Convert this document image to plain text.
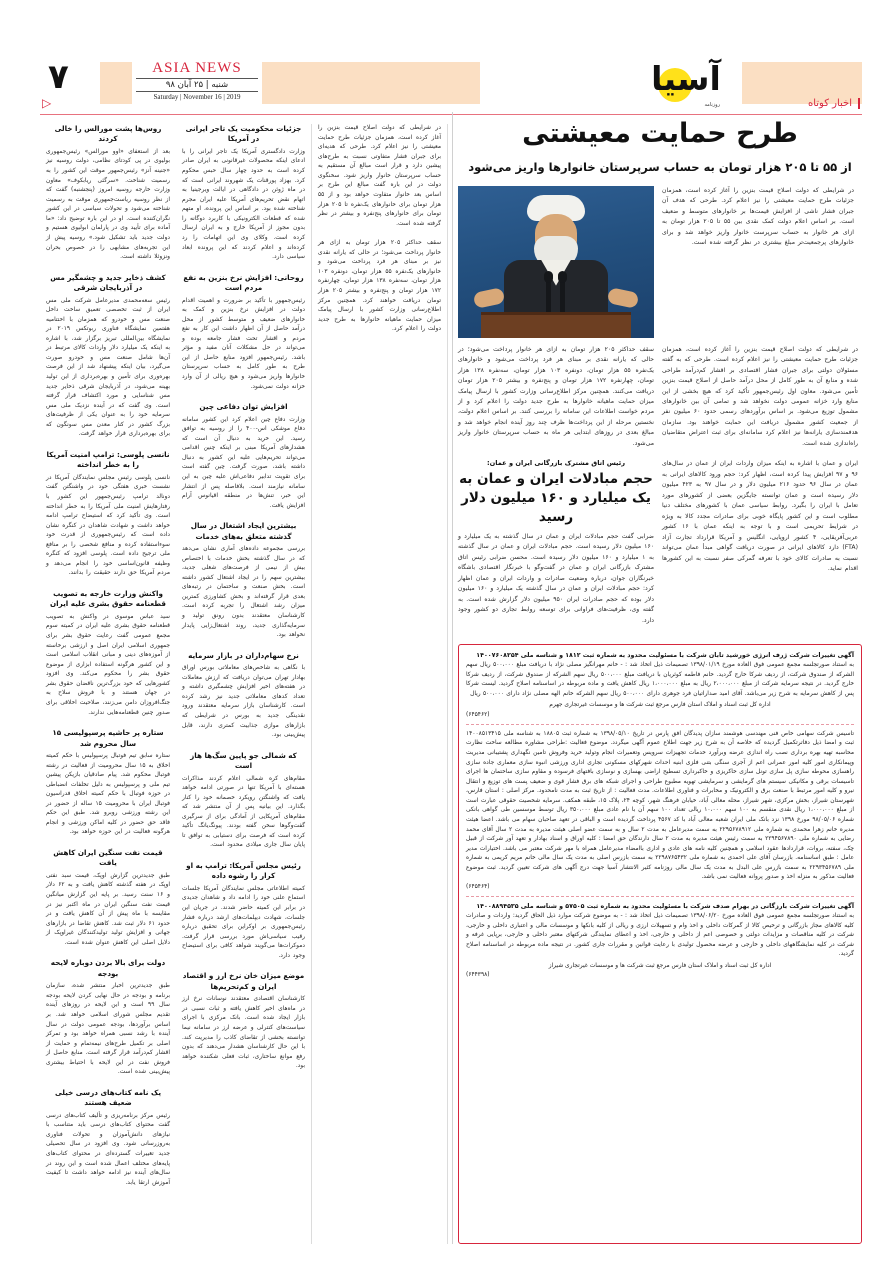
۷	ASIA NEWS
شنبه | ۲۵ آبان ۹۸
Saturday | November 16 | 2019	آسیا
روزنامه	اخبار کوتاه
▷
روس‌ها پشت مورالس را خالی کردند
بعد از استعفای «اوو مورالس» رئیس‌جمهوری بولیوی در پی کودتای نظامی، دولت روسیه نیز «جنینه آنز» رئیس‌جمهور موقت این کشور را به رسمیت شناخت. «سرگئی ریابکوف» معاون وزارت خارجه روسیه امروز (پنجشنبه) گفت که از نظر روسیه ریاست‌جمهوری موقت به رسمیت شناخته می‌شود و تحولات سیاسی در این کشور نگران‌کننده است. او در این باره توضیح داد: «ما آماده برای تأیید وی در پارلمان ابولیوی هستیم و دولت جدید باید تشکیل شود.» روسیه پیش از این تجربه‌های مشابهی را در خصوص بحران ونزوئلا داشته است.
کشف ذخایر جدید و چشمگیر مس در آذربایجان شرقی
رئیس سعه‌محمدی مدیرعامل شرکت ملی مس ایران از ثبت تخصصی تعمیق ساخت داخل صنعت مس و خودرو که همزمان با اختتامیه هفتمین نمایشگاه فناوری ربوتکس ۲۰۱۹ در نمایشگاه بین‌المللی تبریز برگزار شد، با اشاره به اینکه یک میلیارد دلار واردات کالای مرتبط در آن‌ها شامل صنعت مس و خودرو صورت می‌گیرد، بیان اینکه پیشنهاد شد از این فرصت بهره‌وری برای تأمین و بهره‌برداری از این تولید بهینه می‌شود، در آذربایجان شرقی ذخایر جدید مس شناسایی و مورد اکتشاف قرار گرفته است. وی گفت که در آینده نزدیک ملی مس سرمایه خود را به عنوان یکی از ظرفیت‌های بزرگ کشور در کنار معدن مس سونگون که برای بهره‌برداری قرار خواهد گرفت.
نانسی پلوسی: ترامپ امنیت آمریکا را به خطر انداخته
نانسی پلوسی رئیس مجلس نمایندگان آمریکا در نشست خبری هفتگی خود در واشنگتن گفت دونالد ترامپ رئیس‌جمهور این کشور با رفتارهایش امنیت ملی آمریکا را به خطر انداخته است. وی تأکید کرد که استیضاح ترامپ ادامه خواهد داشت و شهادت شاهدان در کنگره نشان داده است که رئیس‌جمهوری از قدرت خود سوءاستفاده کرده و منافع شخصی را بر منافع ملی ترجیح داده است. پلوسی افزود که کنگره وظیفه قانون‌اساسی خود را انجام می‌دهد و مردم آمریکا حق دارند حقیقت را بدانند.
واکنش وزارت خارجه به تصویب قطعنامه حقوق بشری علیه ایران
سید عباس موسوی در واکنش به تصویب قطعنامه حقوق بشری علیه ایران در کمیته سوم مجمع عمومی گفت رعایت حقوق بشر برای جمهوری اسلامی ایران اصل و ارزشی برخاسته از آموزه‌های دینی و مبانی انقلاب اسلامی است و این کشور هرگونه استفاده ابزاری از موضوع حقوق بشر را محکوم می‌کند. وی افزود کشورهایی که خود بزرگ‌ترین ناقضان حقوق بشر در جهان هستند و با فروش سلاح به جنگ‌افروزان دامن می‌زنند، صلاحیت اخلاقی برای صدور چنین قطعنامه‌هایی ندارند.
ستاره پر حاشیه پرسپولیسی ۱۵ سال محروم شد
ستاره سابق تیم فوتبال پرسپولیس با حکم کمیته اخلاق به ۱۵ سال محرومیت از فعالیت در رشته فوتبال محکوم شد. پیام صادقیان بازیکن پیشین تیم ملی و پرسپولیس به دلیل تخلفات انضباطی در حوزه فوتبال با حکم کمیته اخلاق فدراسیون فوتبال ایران با محرومیت ۱۵ ساله از حضور در این رشته ورزشی روبرو شد. طبق این حکم فاقد حق حضور در کلیه اماکن ورزشی و انجام هرگونه فعالیت در این حوزه خواهد بود.
قیمت نفت سنگین ایران کاهش یافت
طبق جدیدترین گزارش اوپک، قیمت سبد نفتی اوپک در هفته گذشته کاهش یافت و به ۶۲ دلار و ۱۶ سنت رسید. بر پایه این گزارش میانگین قیمت نفت سنگین ایران در ماه اکتبر نیز در مقایسه با ماه پیش از آن کاهش یافت و در حدود ۶۱ دلار ثبت شد. کاهش تقاضا در بازارهای جهانی و افزایش تولید تولیدکنندگان غیراوپک از دلایل اصلی این کاهش عنوان شده است.
دولت برای بالا بردن دوباره لایحه بودجه
طبق جدیدترین اخبار منتشر شده، سازمان برنامه و بودجه در حال نهایی کردن لایحه بودجه سال ۹۹ است و این لایحه در روزهای آینده تقدیم مجلس شورای اسلامی خواهد شد. بر اساس برآوردها، بودجه عمومی دولت در سال آینده با رشد نسبی همراه خواهد بود و تمرکز اصلی بر تکمیل طرح‌های نیمه‌تمام و حمایت از اقشار کم‌درآمد قرار گرفته است. منابع حاصل از فروش نفت در این لایحه با احتیاط بیشتری پیش‌بینی شده است.
یک نامه کتاب‌های درسی خیلی ضعیف هستند
رئیس مرکز برنامه‌ریزی و تألیف کتاب‌های درسی گفت محتوای کتاب‌های درسی باید متناسب با نیازهای دانش‌آموزان و تحولات فناوری به‌روزرسانی شود. وی افزود در سال تحصیلی جدید تغییرات گسترده‌ای در محتوای کتاب‌های پایه‌های مختلف اعمال شده است و این روند در سال‌های آینده نیز ادامه خواهد داشت تا کیفیت آموزش ارتقا یابد.
جزئیات محکومیت یک تاجر ایرانی در آمریکا
وزارت دادگستری آمریکا یک تاجر ایرانی را با ادعای اینکه محصولات غیرقانونی به ایران صادر کرده است به حدود چهار سال حبس محکوم کرد. بهزاد پورقنات یک شهروند ایرانی است که در ماه ژوئن در دادگاهی در ایالت ویرجینیا به اتهام نقض تحریم‌های آمریکا علیه ایران مجرم شناخته شده بود. بر اساس این پرونده، او متهم شده که قطعات الکترونیکی با کاربرد دوگانه را بدون مجوز از آمریکا خارج و به ایران ارسال کرده است. وکلای وی این اتهامات را رد کرده‌اند و اعلام کردند که این پرونده ابعاد سیاسی دارد.
روحانی: افزایش نرخ بنزین به نفع مردم است
رئیس‌جمهور با تأکید بر ضرورت و اهمیت اقدام دولت در افزایش نرخ بنزین و کمک به خانوارهای ضعیف و متوسط کشور از محل درآمد حاصل از آن اظهار داشت این کار به نفع مردم و اقشار تحت فشار جامعه بوده و می‌تواند در حل مشکلات آنان مفید و مؤثر باشد. رئیس‌جمهور افزود منابع حاصل از این طرح به طور کامل به حساب سرپرستان خانوارها واریز می‌شود و هیچ ریالی از آن وارد خزانه دولت نمی‌شود.
افزایش توان دفاعی چین
وزارت دفاع چین اعلام کرد این کشور سامانه دفاع موشکی اس-۴۰۰ را از روسیه به توافق رسید. این خرید به دنبال آن است که هشدارهای آمریکا مبنی بر اینکه چنین اقدامی می‌تواند تحریم‌هایی علیه این کشور به دنبال داشته باشد، صورت گرفت. چین گفته است برای تقویت تدابیر دفاعی‌اش علیه چین به این سامانه نیازمند است. بلافاصله پس از انتشار این خبر، تنش‌ها در منطقه اقیانوس آرام افزایش یافت.
بیشترین ایجاد اشتغال در سال گذشته متعلق به‌های خدمات
بررسی مجموعه داده‌های آماری نشان می‌دهد که در سال گذشته بخش خدمات با اختصاص بیش از نیمی از فرصت‌های شغلی جدید، بیشترین سهم را در ایجاد اشتغال کشور داشته است. بخش صنعت و ساختمان در رتبه‌های بعدی قرار گرفته‌اند و بخش کشاورزی کمترین میزان رشد اشتغال را تجربه کرده است. کارشناسان معتقدند بدون رونق تولید و سرمایه‌گذاری جدید، روند اشتغال‌زایی پایدار نخواهد بود.
نرخ سهام‌داران در بازار سرمایه
با نگاهی به شاخص‌های معاملاتی بورس اوراق بهادار تهران می‌توان دریافت که ارزش معاملات در هفته‌های اخیر افزایش چشمگیری داشته و تعداد کدهای معاملاتی جدید نیز رشد کرده است. کارشناسان بازار سرمایه معتقدند ورود نقدینگی جدید به بورس در شرایطی که بازارهای موازی جذابیت کمتری دارند، قابل پیش‌بینی بود.
که شمالی جو پایین سگ‌ها هاز است
مقام‌های کره شمالی اعلام کردند مذاکرات هسته‌ای با آمریکا تنها در صورتی ادامه خواهد یافت که واشنگتن رویکرد خصمانه خود را کنار بگذارد. این بیانیه پس از آن منتشر شد که مقام‌های آمریکایی از آمادگی برای از سرگیری گفت‌وگوها سخن گفته بودند. پیونگ‌یانگ تأکید کرده است که فرصت برای دستیابی به توافق تا پایان سال جاری میلادی محدود است.
رئیس مجلس آمریکا: ترامپ به او کرار را رشوه داده
کمیته اطلاعاتی مجلس نمایندگان آمریکا جلسات استماع علنی خود را ادامه داد و شاهدان جدیدی در برابر این کمیته حاضر شدند. در جریان این جلسات، شهادت دیپلمات‌های ارشد درباره فشار رئیس‌جمهوری بر اوکراین برای تحقیق درباره رقیب سیاسی‌اش مورد بررسی قرار گرفت. دموکرات‌ها می‌گویند شواهد کافی برای استیضاح وجود دارد.
موضع میزان خان نرخ ارز و اقتصاد ایران و کم‌تحریم‌ها
کارشناسان اقتصادی معتقدند نوسانات نرخ ارز در ماه‌های اخیر کاهش یافته و ثبات نسبی در بازار ایجاد شده است. بانک مرکزی با اجرای سیاست‌های کنترلی و عرضه ارز در سامانه نیما توانسته بخشی از تقاضای کاذب را مدیریت کند. با این حال کارشناسان هشدار می‌دهند که بدون رفع موانع ساختاری، ثبات فعلی شکننده خواهد بود.
در شرایطی که دولت اصلاح قیمت بنزین را آغاز کرده است، همزمان جزئیات طرح حمایت معیشتی را نیز اعلام کرد. طرحی که هدیه‌ای برای جبران فشار متفاوتی نسبت به طرح‌های پیشین دارد و قرار است مبالغ آن مستقیم به حساب سرپرستان خانوار واریز شود. سخنگوی دولت در این باره گفت مبالغ این طرح بر اساس بعد خانوار متفاوت خواهد بود و از ۵۵ هزار تومان برای خانوارهای یک‌نفره تا ۲۰۵ هزار تومان برای خانوارهای پنج‌نفره و بیشتر در نظر گرفته شده است.
سقف حداکثر ۲۰۵ هزار تومان به ازای هر خانوار پرداخت می‌شود؛ در حالی که یارانه نقدی نیز بر مبنای هر فرد پرداخت می‌شود و خانوارهای یک‌نفره ۵۵ هزار تومان، دونفره ۱۰۳ هزار تومان، سه‌نفره ۱۳۸ هزار تومان، چهارنفره ۱۷۲ هزار تومان و پنج‌نفره و بیشتر ۲۰۵ هزار تومان دریافت خواهند کرد. همچنین مرکز اطلاع‌رسانی وزارت کشور با ارسال پیامک میزان حمایت ماهیانه خانوارها به طرح جدید دولت را اعلام کرد.
طرح حمایت معیشتی
از ۵۵ تا ۲۰۵ هزار تومان به حساب سرپرستان خانوارها واریز می‌شود
در شرایطی که دولت اصلاح قیمت بنزین را آغاز کرده است، همزمان جزئیات طرح حمایت معیشتی را نیز اعلام کرد. طرحی که هدف آن جبران فشار ناشی از افزایش قیمت‌ها بر خانوارهای متوسط و ضعیف است. بر اساس اعلام دولت کمک نقدی بین ۵۵ تا ۲۰۵ هزار تومان به ازای هر خانوار به حساب سرپرست خانوار واریز خواهد شد و برای خانوارهای پرجمعیت‌تر مبلغ بیشتری در نظر گرفته شده است.
سقف حداکثر ۲۰۵ هزار تومان به ازای هر خانوار پرداخت می‌شود؛ در حالی که یارانه نقدی بر مبنای هر فرد پرداخت می‌شود و خانوارهای یک‌نفره ۵۵ هزار تومان، دونفره ۱۰۳ هزار تومان، سه‌نفره ۱۳۸ هزار تومان، چهارنفره ۱۷۲ هزار تومان و پنج‌نفره و بیشتر ۲۰۵ هزار تومان دریافت می‌کنند. همچنین مرکز اطلاع‌رسانی وزارت کشور با ارسال پیامک میزان حمایت ماهیانه خانوارها به طرح جدید دولت را اعلام کرد و از مردم خواست اطلاعات این سامانه را بررسی کنند. بر اساس اعلام دولت، نخستین مرحله از این پرداخت‌ها ظرف چند روز آینده انجام خواهد شد و مبالغ بعدی در روزهای ابتدایی هر ماه به حساب سرپرستان خانوار واریز می‌شود.
در شرایطی که دولت اصلاح قیمت بنزین را آغاز کرده است، همزمان جزئیات طرح حمایت معیشتی را نیز اعلام کرده است. طرحی که به گفته مسئولان دولتی برای جبران فشار اقتصادی بر اقشار کم‌درآمد طراحی شده و منابع آن به طور کامل از محل درآمد حاصل از اصلاح قیمت بنزین تأمین می‌شود. معاون اول رئیس‌جمهور تأکید کرد که هیچ بخشی از این منابع وارد خزانه عمومی دولت نخواهد شد و تمامی آن بین خانوارهای مشمول توزیع می‌شود. بر اساس برآوردهای رسمی حدود ۶۰ میلیون نفر از جمعیت کشور مشمول دریافت این حمایت خواهند بود. سازمان هدفمندسازی یارانه‌ها نیز اعلام کرد سامانه‌ای برای ثبت اعتراض متقاضیان راه‌اندازی شده است.
رئیس اتاق مشترک بازرگانی ایران و عمان:
حجم مبادلات ایران و عمان به یک میلیارد و ۱۶۰ میلیون دلار رسید
ضرابی گفت حجم مبادلات ایران و عمان در سال گذشته به یک میلیارد و ۱۶۰ میلیون دلار رسیده است. حجم مبادلات ایران و عمان در سال گذشته به ۱ میلیارد و ۱۶۰ میلیون دلار رسیده است. محسن ضرابی رئیس اتاق مشترک بازرگانی ایران و عمان در گفت‌وگو با خبرنگار اقتصادی باشگاه خبرنگاران جوان، درباره وضعیت صادرات و واردات ایران و عمان اظهار کرد: حجم مبادلات ایران و عمان در سال گذشته یک میلیارد و ۱۶۰ میلیون دلار بوده که حجم صادرات ایران ۹۵۰ میلیون دلار گزارش شده است. به گفته وی، ظرفیت‌های فراوانی برای توسعه روابط تجاری دو کشور وجود دارد.
ایران و عمان با اشاره به اینکه میزان واردات ایران از عمان در سال‌های ۹۶ و ۹۷ افزایش پیدا کرده است، اظهار کرد: حجم ورود کالاهای ایرانی به عمان در سال ۹۶ حدود ۲۱۶ میلیون دلار و در سال ۹۷ به ۴۲۳ میلیون دلار رسیده است و عمان توانسته جایگزین بعضی از کشورهای مورد تعامل با ایران را بگیرد. روابط سیاسی عمان با کشورهای مختلف دنیا مطلوب است و این کشور پایگاه خوبی برای صادرات مجدد کالا به ویژه در شرایط تحریمی است و با توجه به اینکه عمان با ۱۶ کشور عربی‌آفریقایی، ۴ کشور اروپایی، انگلیس و آمریکا قرارداد تجارت آزاد (FTA) دارد کالاهای ایرانی در صورت دریافت گواهی مبدأ عمان می‌تواند نسبت به صادرات کالای خود با تعرفه گمرکی صفر نسبت به این کشورها اقدام نماید.
آگهی تغییرات شرکت ژرف انرژی خورشید تابان شرکت با مسئولیت محدود به شماره ثبت ۱۸۱۲ و شناسه ملی ۱۴۰۰۷۶۰۸۲۵۴
به استناد صورتجلسه مجمع عمومی فوق العاده مورخ ۱۳۹۸/۰۱/۱۹ تصمیمات ذیل اتخاذ شد : - خانم مهرانگیز مصلی نژاد با دریافت مبلغ ۵۰۰،۰۰۰ ریال سهم الشرکه از صندوق شرکت، از ردیف شرکا خارج گردید. خانم فاطمه کوثریان با دریافت مبلغ ۵۰۰،۰۰۰ ریال سهم الشرکه از صندوق شرکت، از ردیف شرکا خارج گردید. در نتیجه سرمایه شرکت از مبلغ ۲،۰۰۰،۰۰۰ ریال به مبلغ ۱،۰۰۰،۰۰۰ ریال کاهش یافت و ماده مربوطه در اساسنامه اصلاح گردید. لیست شرکا پس از کاهش سرمایه به شرح زیر می‌باشد. آقای امید صداراتیان فرد جوهری دارای ۵۰۰،۰۰۰ ریال سهم الشرکه خانم الهه مصلی نژاد دارای ۵۰۰،۰۰۰ ریال
اداره کل ثبت اسناد و املاک استان فارس مرجع ثبت شرکت ها و موسسات غیرتجاری جهرم
(۶۴۵۴۶۲)
تاسیس شرکت سهامی خاص فنی مهندسی هوشمند سازان پدیدگان افق پارس در تاریخ ۱۳۹۸/۰۵/۱۰ به شماره ثبت ۱۸۸۰۵ به شناسه ملی ۱۴۰۰۸۵۱۳۴۱۵ ثبت و امضا ذیل دفاترتکمیل گردیده که خلاصه آن به شرح زیر جهت اطلاع عموم آگهی میگردد. موضوع فعالیت :طراحی مشاوره مطالعه ساخت نظارت محاسبه تهیه بهره برداری نصب راه اندازی عرضه وبرآورد خدمات تجهیزات سرویس وتعمیرات انجام وتولید خرید وفروش تامین نگهداری پشتیبانی مدیریت وپیمانکاری امور کلیه امور عمرانی اعم از آجری سنگی بتنی فلزی ابنیه احداث شهرکهای مسکونی تجاری اداری ورزشی انبوه سازی معماری جاده سازی راهسازی محوطه سازی پل سازی تونل سازی خاکریزی و خاکبرداری تسطیح اراضی بهسازی و نوسازی بافتهای فرسوده و مقاوم سازی ساختمان ها اجرای تاسیسات برقی و مکانیکی سیستم های گرمایشی و سرمایشی تهویه مطبوع طراحی و اجرای شبکه های برق فشار قوی و ضعیف پست های توزیع و انتقال نیرو و کلیه امور مرتبط با صنعت برق و الکترونیک و مخابرات و فناوری اطلاعات. مدت فعالیت : از تاریخ ثبت به مدت نامحدود. مرکز اصلی : استان فارس، شهرستان شیراز، بخش مرکزی، شهر شیراز، محله معالی آباد، خیابان فرهنگ شهر، کوچه ۲۴، پلاک ۱۵، طبقه همکف. سرمایه شخصیت حقوقی عبارت است از مبلغ ۱،۰۰۰،۰۰۰ ریال نقدی منقسم به ۱۰۰ سهم ۱۰،۰۰۰ ریالی تعداد ۱۰۰ سهم آن با نام عادی مبلغ ۳۵۰،۰۰۰ ریال توسط موسسین طی گواهی بانکی شماره ۹۸/۰۵/۰۶ مورخ ۱۳۹۸ نزد بانک ملی ایران شعبه معالی آباد با کد ۴۵۶۷ پرداخت گردیده است و الباقی در تعهد صاحبان سهام می باشد. اعضا هیئت مدیره خانم زهرا محمدی به شماره ملی ۲۲۹۵۶۷۸۹۱۲ به سمت مدیرعامل به مدت ۲ سال و به سمت عضو اصلی هیئت مدیره به مدت ۲ سال آقای محمد رضایی به شماره ملی ۲۲۹۴۵۶۷۸۹۰ به سمت رئیس هیئت مدیره به مدت ۲ سال دارندگان حق امضا : کلیه اوراق و اسناد بهادار و تعهد آور شرکت از قبیل چک، سفته، بروات، قراردادها عقود اسلامی و همچنین کلیه نامه های عادی و اداری باامضاء مدیرعامل همراه با مهر شرکت معتبر می باشد. اختیارات مدیر عامل : طبق اساسنامه. بازرسان آقای علی احمدی به شماره ملی ۲۲۹۸۷۶۵۴۳۲ به سمت بازرس اصلی به مدت یک سال مالی خانم مریم کریمی به شماره ملی ۲۲۹۳۴۵۶۷۸۹ به سمت بازرس علی البدل به مدت یک سال مالی روزنامه کثیر الانتشار آسیا جهت درج آگهی های شرکت تعیین گردید. ثبت موضوع فعالیت مذکور به منزله اخذ و صدور پروانه فعالیت نمی باشد.
(۶۴۵۴۶۴)
آگهی تغییرات شرکت بارزگانی در بهرام صدف شرکت با مسئولیت محدود به شماره ثبت ۵۷۵۰۵ و شناسه ملی ۱۴۰۰۸۸۹۴۵۳۵
به استناد صورتجلسه مجمع عمومی فوق العاده مورخ ۱۳۹۸/۰۶/۲۰ تصمیمات ذیل اتخاذ شد : - به موضوع شرکت موارد ذیل الحاق گردید: واردات و صادرات کلیه کالاهای مجاز بازرگانی و ترخیص کالا از گمرکات داخلی و اخذ وام و تسهیلات ارزی و ریالی از کلیه بانکها و موسسات مالی و اعتباری داخلی و خارجی، شرکت در کلیه مناقصات و مزایدات دولتی و خصوصی اعم از داخلی و خارجی، اخذ و اعطای نمایندگی شرکتهای معتبر داخلی و خارجی، برپایی غرفه و شرکت در کلیه نمایشگاههای داخلی و خارجی و عرضه محصول تولیدی با رعایت قوانین و مقررات جاری کشور. در نتیجه ماده مربوطه در اساسنامه اصلاح گردید.
اداره کل ثبت اسناد و املاک استان فارس مرجع ثبت شرکت ها و موسسات غیرتجاری شیراز
(۶۴۴۳۹۸)
